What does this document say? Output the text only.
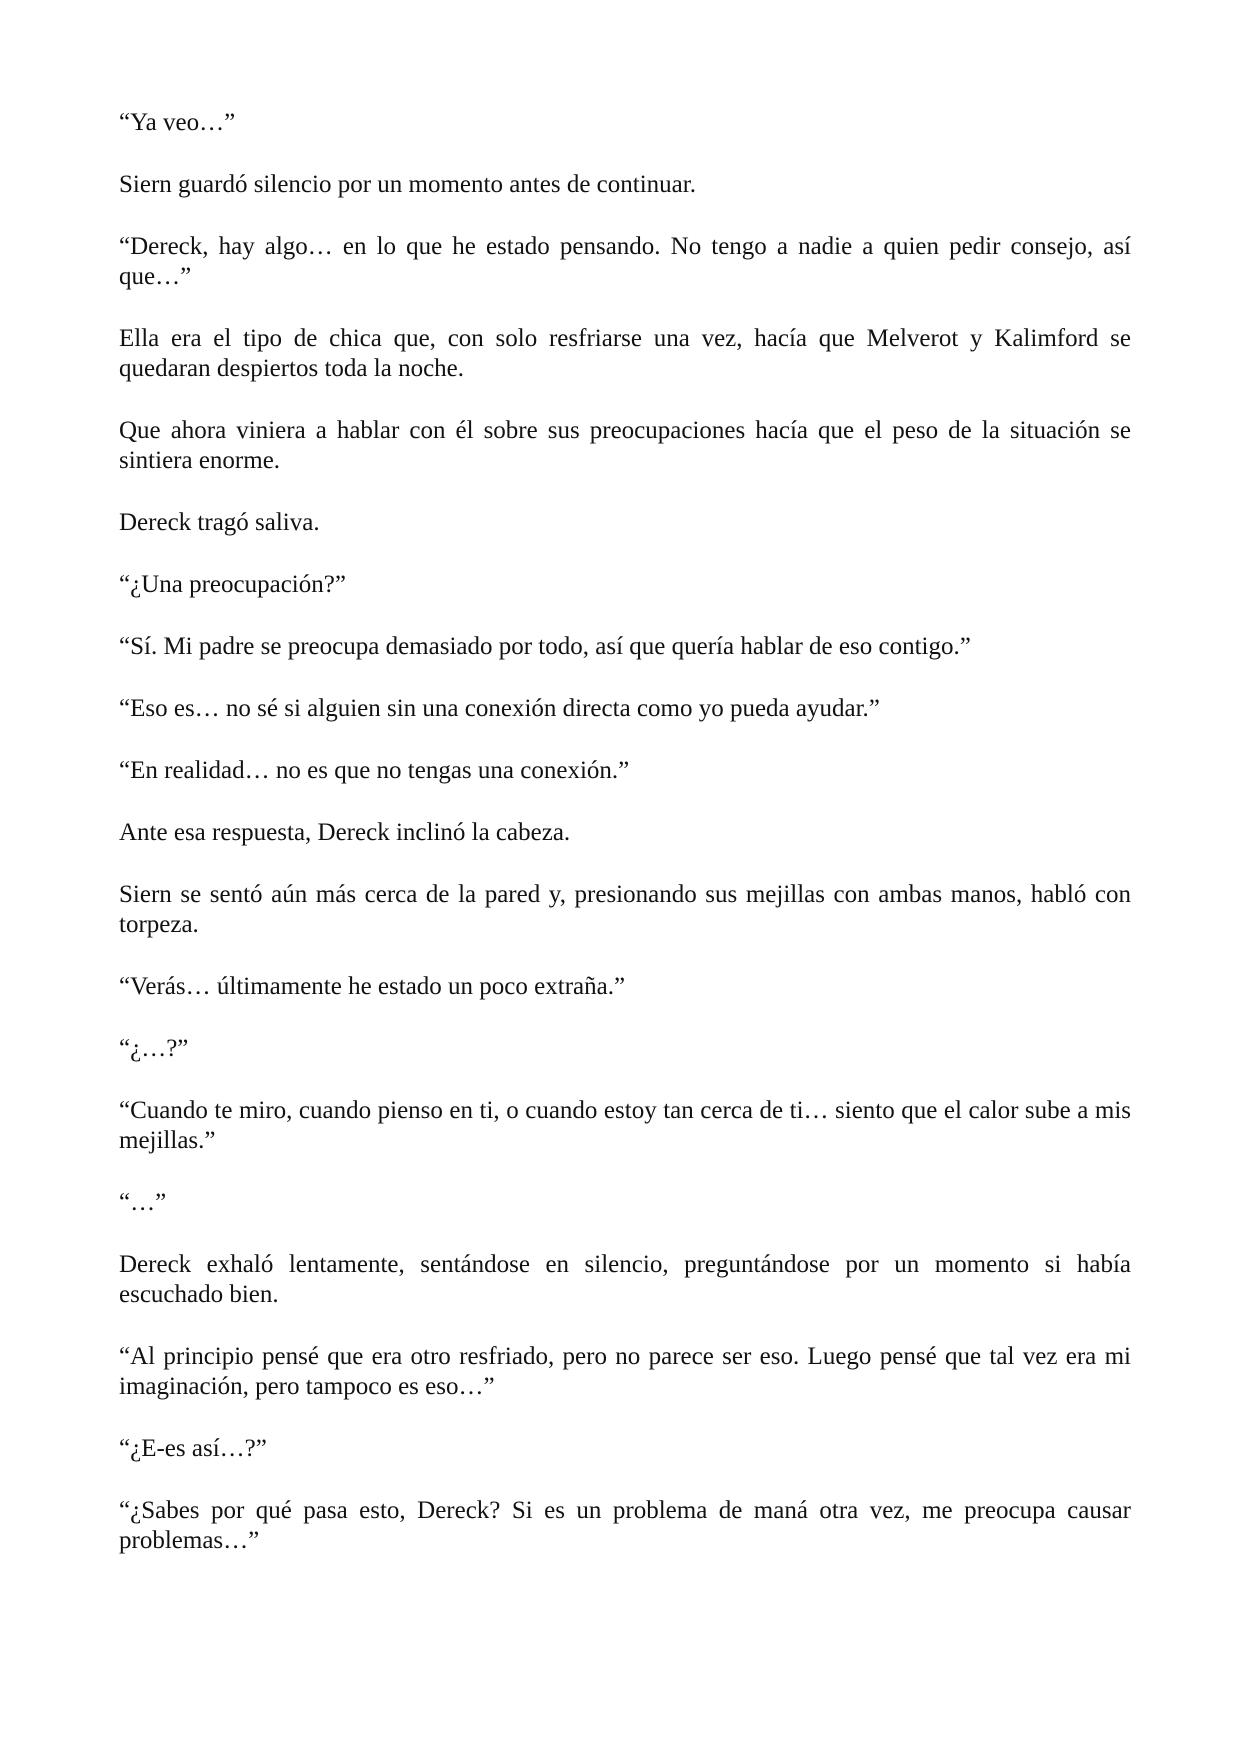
“Ya veo…”

Siern guardó silencio por un momento antes de continuar.

“Dereck, hay algo… en lo que he estado pensando. No tengo a nadie a quien pedir consejo, así que…”

Ella era el tipo de chica que, con solo resfriarse una vez, hacía que Melverot y Kalimford se quedaran despiertos toda la noche.

Que ahora viniera a hablar con él sobre sus preocupaciones hacía que el peso de la situación se sintiera enorme.

Dereck tragó saliva.

“¿Una preocupación?”

“Sí. Mi padre se preocupa demasiado por todo, así que quería hablar de eso contigo.”

“Eso es… no sé si alguien sin una conexión directa como yo pueda ayudar.”

“En realidad… no es que no tengas una conexión.”

Ante esa respuesta, Dereck inclinó la cabeza.

Siern se sentó aún más cerca de la pared y, presionando sus mejillas con ambas manos, habló con torpeza.

“Verás… últimamente he estado un poco extraña.”

“¿…?”

“Cuando te miro, cuando pienso en ti, o cuando estoy tan cerca de ti… siento que el calor sube a mis mejillas.”

“…”

Dereck exhaló lentamente, sentándose en silencio, preguntándose por un momento si había escuchado bien.

“Al principio pensé que era otro resfriado, pero no parece ser eso. Luego pensé que tal vez era mi imaginación, pero tampoco es eso…”

“¿E-es así…?”

“¿Sabes por qué pasa esto, Dereck? Si es un problema de maná otra vez, me preocupa causar problemas…”
